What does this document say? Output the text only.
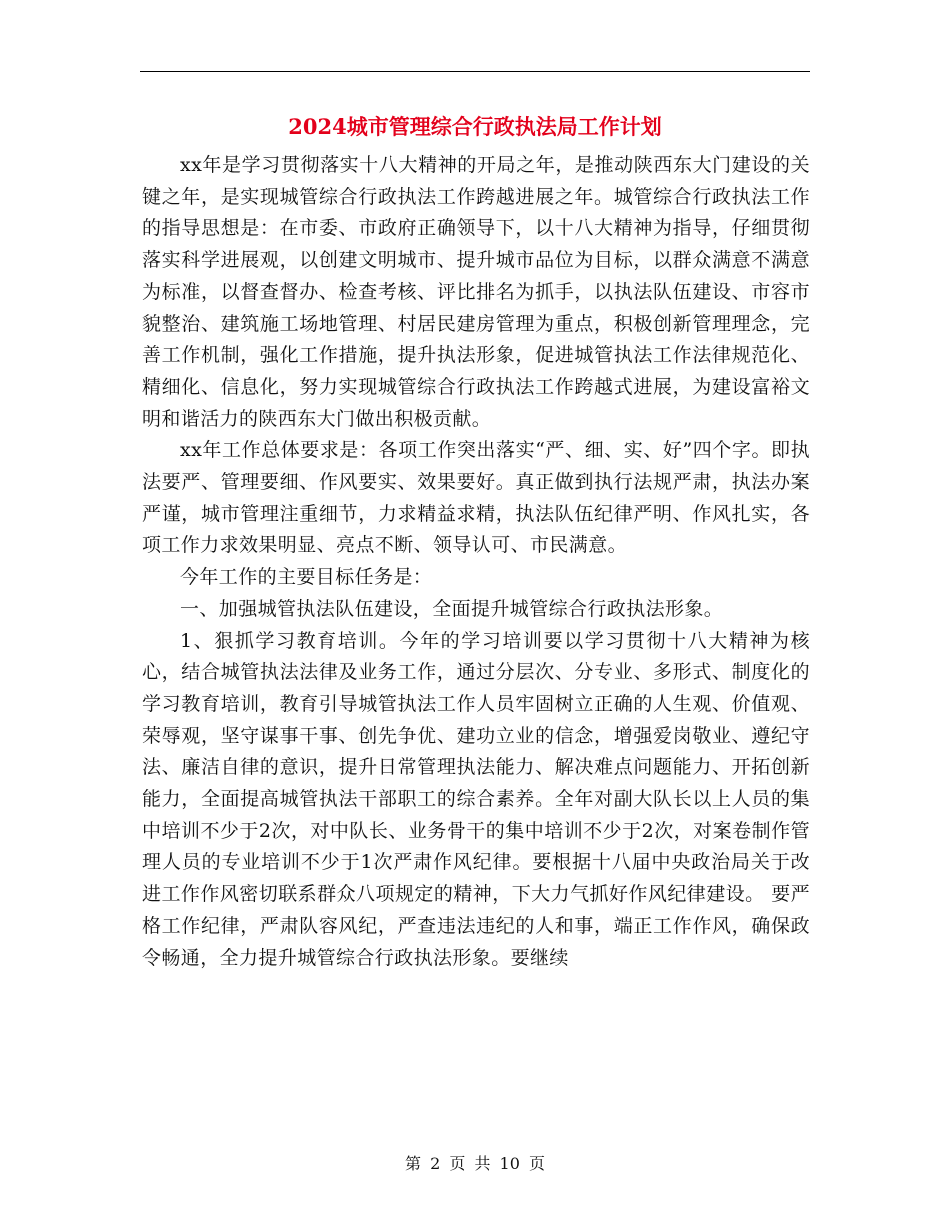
2024城市管理综合行政执法局工作计划

xx年是学习贯彻落实十八大精神的开局之年，是推动陕西东大门建设的关键之年，是实现城管综合行政执法工作跨越进展之年。城管综合行政执法工作的指导思想是：在市委、市政府正确领导下，以十八大精神为指导，仔细贯彻落实科学进展观，以创建文明城市、提升城市品位为目标，以群众满意不满意为标准，以督查督办、检查考核、评比排名为抓手，以执法队伍建设、市容市貌整治、建筑施工场地管理、村居民建房管理为重点，积极创新管理理念，完善工作机制，强化工作措施，提升执法形象，促进城管执法工作法律规范化、精细化、信息化，努力实现城管综合行政执法工作跨越式进展，为建设富裕文明和谐活力的陕西东大门做出积极贡献。

xx年工作总体要求是：各项工作突出落实“严、细、实、好”四个字。即执法要严、管理要细、作风要实、效果要好。真正做到执行法规严肃，执法办案严谨，城市管理注重细节，力求精益求精，执法队伍纪律严明、作风扎实，各项工作力求效果明显、亮点不断、领导认可、市民满意。

今年工作的主要目标任务是：

一、加强城管执法队伍建设，全面提升城管综合行政执法形象。

1、狠抓学习教育培训。今年的学习培训要以学习贯彻十八大精神为核心，结合城管执法法律及业务工作，通过分层次、分专业、多形式、制度化的学习教育培训，教育引导城管执法工作人员牢固树立正确的人生观、价值观、荣辱观，坚守谋事干事、创先争优、建功立业的信念，增强爱岗敬业、遵纪守法、廉洁自律的意识，提升日常管理执法能力、解决难点问题能力、开拓创新能力，全面提高城管执法干部职工的综合素养。全年对副大队长以上人员的集中培训不少于2次，对中队长、业务骨干的集中培训不少于2次，对案卷制作管理人员的专业培训不少于1次严肃作风纪律。要根据十八届中央政治局关于改进工作作风密切联系群众八项规定的精神，下大力气抓好作风纪律建设。 要严格工作纪律，严肃队容风纪，严查违法违纪的人和事，端正工作作风，确保政令畅通，全力提升城管综合行政执法形象。要继续

第 2 页 共 10 页
